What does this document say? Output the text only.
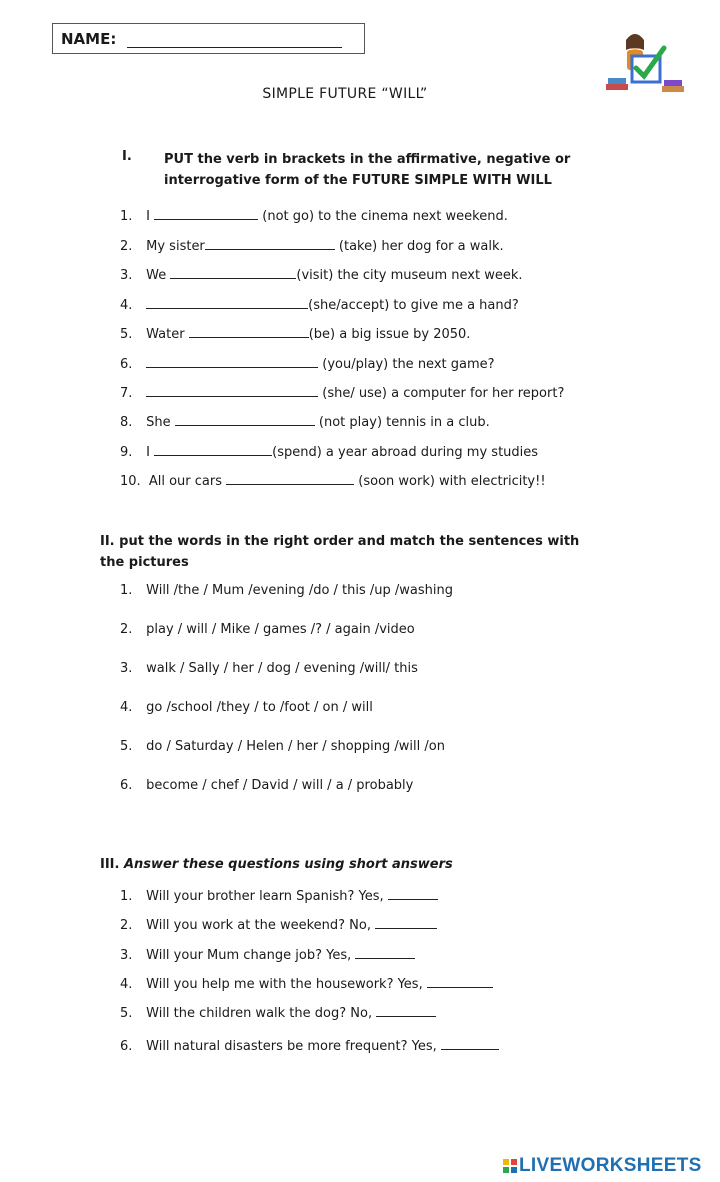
NAME:
SIMPLE FUTURE “WILL”
I. PUT the verb in brackets in the affirmative, negative or interrogative form of the FUTURE SIMPLE WITH WILL
1. I	(not go) to the cinema next weekend.
2. My sister	(take) her dog for a walk.
3. We	(visit) the city museum next week.
4.	(she/accept) to give me a hand?
5. Water	(be) a big issue by 2050.
6.	(you/play) the next game?
7.	(she/ use) a computer for her report?
8. She	(not play) tennis in a club.
9. I	(spend) a year abroad during my studies
10. All our cars	(soon work) with electricity!!
II. put the words in the right order and match the sentences with the pictures
1. Will /the / Mum /evening /do / this /up /washing
2. play / will / Mike / games /? / again /video
3. walk / Sally / her / dog / evening /will/ this
4. go /school /they / to /foot / on / will
5. do / Saturday / Helen / her / shopping /will /on
6. become / chef / David / will / a / probably
III. Answer these questions using short answers
1. Will your brother learn Spanish? Yes,
2. Will you work at the weekend? No,
3. Will your Mum change job? Yes,
4. Will you help me with the housework? Yes,
5. Will the children walk the dog? No,
6. Will natural disasters be more frequent? Yes,
LIVEWORKSHEETS
